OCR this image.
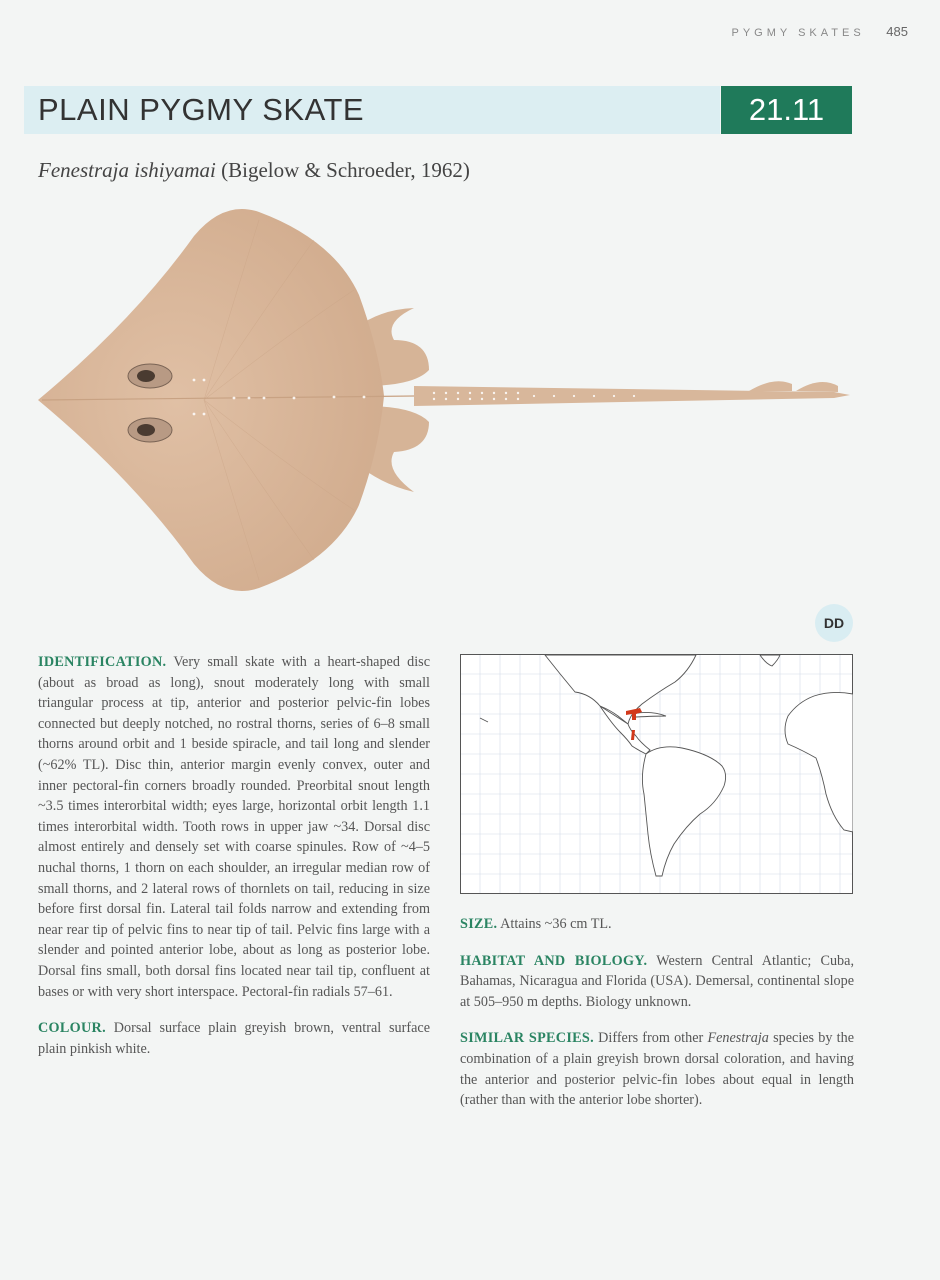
PYGMY SKATES 485
PLAIN PYGMY SKATE	21.11
Fenestraja ishiyamai (Bigelow & Schroeder, 1962)
DD

IDENTIFICATION. Very small skate with a heart-shaped disc (about as broad as long), snout moderately long with small triangular process at tip, anterior and posterior pelvic-fin lobes connected but deeply notched, no rostral thorns, series of 6–8 small thorns around orbit and 1 beside spiracle, and tail long and slender (~62% TL). Disc thin, anterior margin evenly convex, outer and inner pectoral-fin corners broadly rounded. Preorbital snout length ~3.5 times interorbital width; eyes large, horizontal orbit length 1.1 times interorbital width. Tooth rows in upper jaw ~34. Dorsal disc almost entirely and densely set with coarse spinules. Row of ~4–5 nuchal thorns, 1 thorn on each shoulder, an irregular median row of small thorns, and 2 lateral rows of thornlets on tail, reducing in size before first dorsal fin. Lateral tail folds narrow and extending from near rear tip of pelvic fins to near tip of tail. Pelvic fins large with a slender and pointed anterior lobe, about as long as posterior lobe. Dorsal fins small, both dorsal fins located near tail tip, confluent at bases or with very short interspace. Pectoral-fin radials 57–61.

COLOUR. Dorsal surface plain greyish brown, ventral surface plain pinkish white.

SIZE. Attains ~36 cm TL.

HABITAT AND BIOLOGY. Western Central Atlantic; Cuba, Bahamas, Nicaragua and Florida (USA). Demersal, continental slope at 505–950 m depths. Biology unknown.

SIMILAR SPECIES. Differs from other Fenestraja species by the combination of a plain greyish brown dorsal coloration, and having the anterior and posterior pelvic-fin lobes about equal in length (rather than with the anterior lobe shorter).
